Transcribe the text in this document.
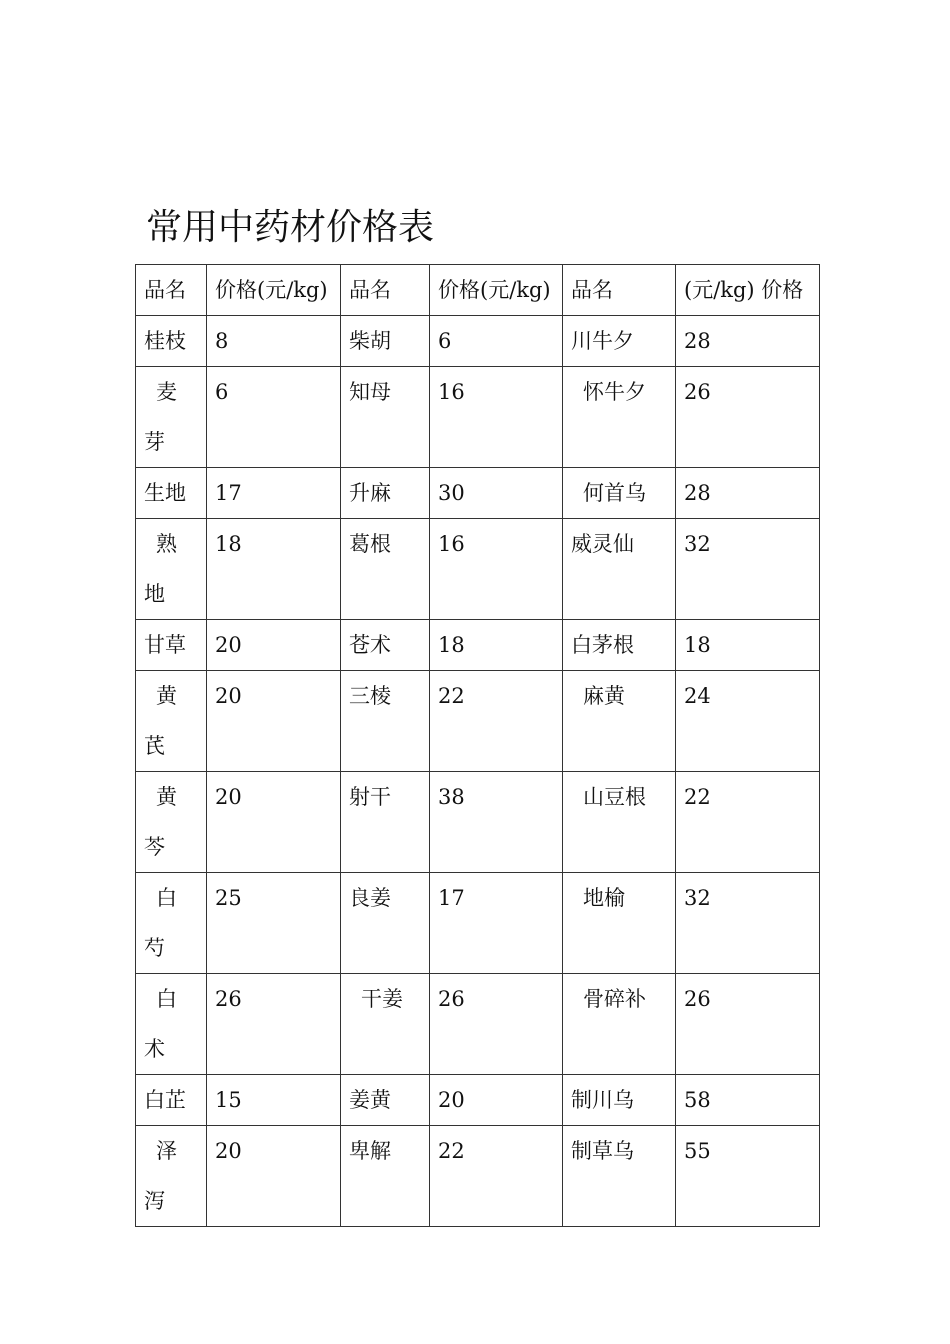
常用中药材价格表
品名	价格(元/kg)	品名	价格(元/kg)	品名	(元/kg) 价格
桂枝	8	柴胡	6	川牛夕	28

麦
芽	6	知母	16	怀牛夕	26
生地	17	升麻	30	何首乌	28

熟
地	18	葛根	16	威灵仙	32
甘草	20	苍术	18	白茅根	18

黄
芪	20	三棱	22	麻黄	24

黄
芩	20	射干	38	山豆根	22

白
芍	25	良姜	17	地榆	32

白
术	26	干姜	26	骨碎补	26
白芷	15	姜黄	20	制川乌	58

泽
泻	20	卑解	22	制草乌	55
